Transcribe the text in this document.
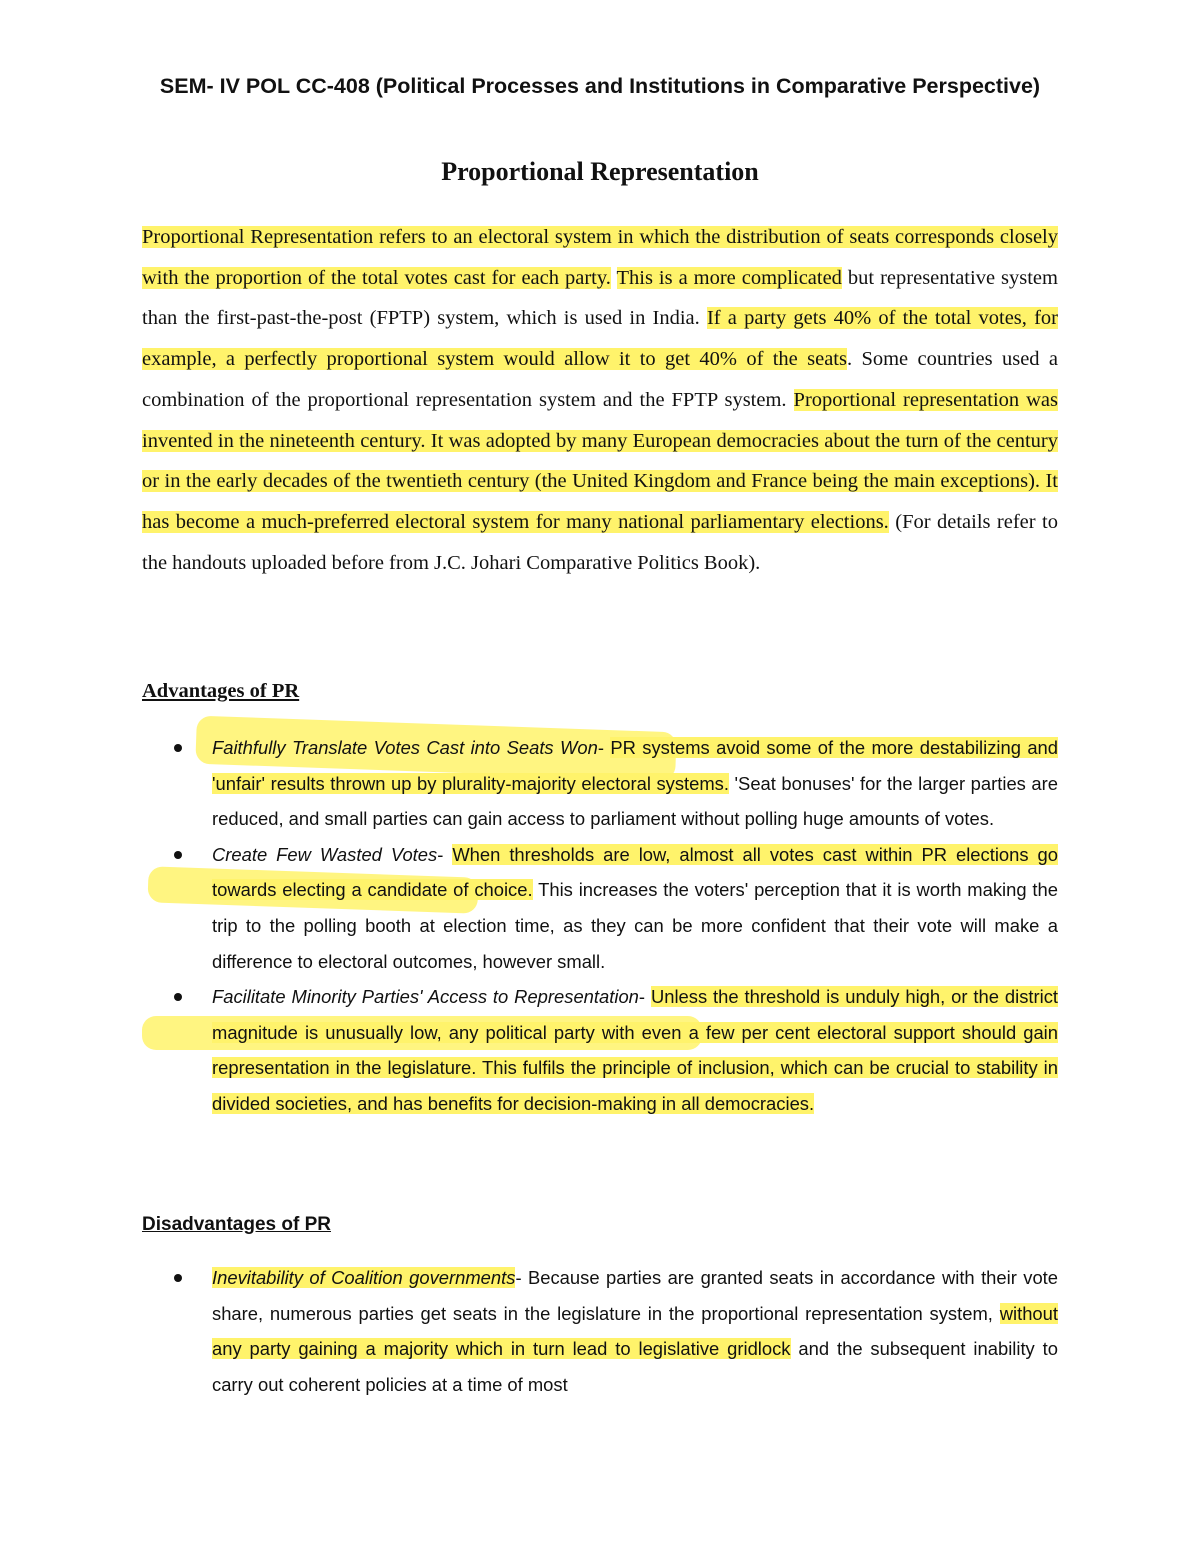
SEM- IV POL CC-408 (Political Processes and Institutions in Comparative Perspective)
Proportional Representation
Proportional Representation refers to an electoral system in which the distribution of seats corresponds closely with the proportion of the total votes cast for each party. This is a more complicated but representative system than the first-past-the-post (FPTP) system, which is used in India. If a party gets 40% of the total votes, for example, a perfectly proportional system would allow it to get 40% of the seats. Some countries used a combination of the proportional representation system and the FPTP system. Proportional representation was invented in the nineteenth century. It was adopted by many European democracies about the turn of the century or in the early decades of the twentieth century (the United Kingdom and France being the main exceptions). It has become a much-preferred electoral system for many national parliamentary elections. (For details refer to the handouts uploaded before from J.C. Johari Comparative Politics Book).
Advantages of PR
Faithfully Translate Votes Cast into Seats Won- PR systems avoid some of the more destabilizing and 'unfair' results thrown up by plurality-majority electoral systems. 'Seat bonuses' for the larger parties are reduced, and small parties can gain access to parliament without polling huge amounts of votes.
Create Few Wasted Votes- When thresholds are low, almost all votes cast within PR elections go towards electing a candidate of choice. This increases the voters' perception that it is worth making the trip to the polling booth at election time, as they can be more confident that their vote will make a difference to electoral outcomes, however small.
Facilitate Minority Parties' Access to Representation- Unless the threshold is unduly high, or the district magnitude is unusually low, any political party with even a few per cent electoral support should gain representation in the legislature. This fulfils the principle of inclusion, which can be crucial to stability in divided societies, and has benefits for decision-making in all democracies.
Disadvantages of PR
Inevitability of Coalition governments- Because parties are granted seats in accordance with their vote share, numerous parties get seats in the legislature in the proportional representation system, without any party gaining a majority which in turn lead to legislative gridlock and the subsequent inability to carry out coherent policies at a time of most
